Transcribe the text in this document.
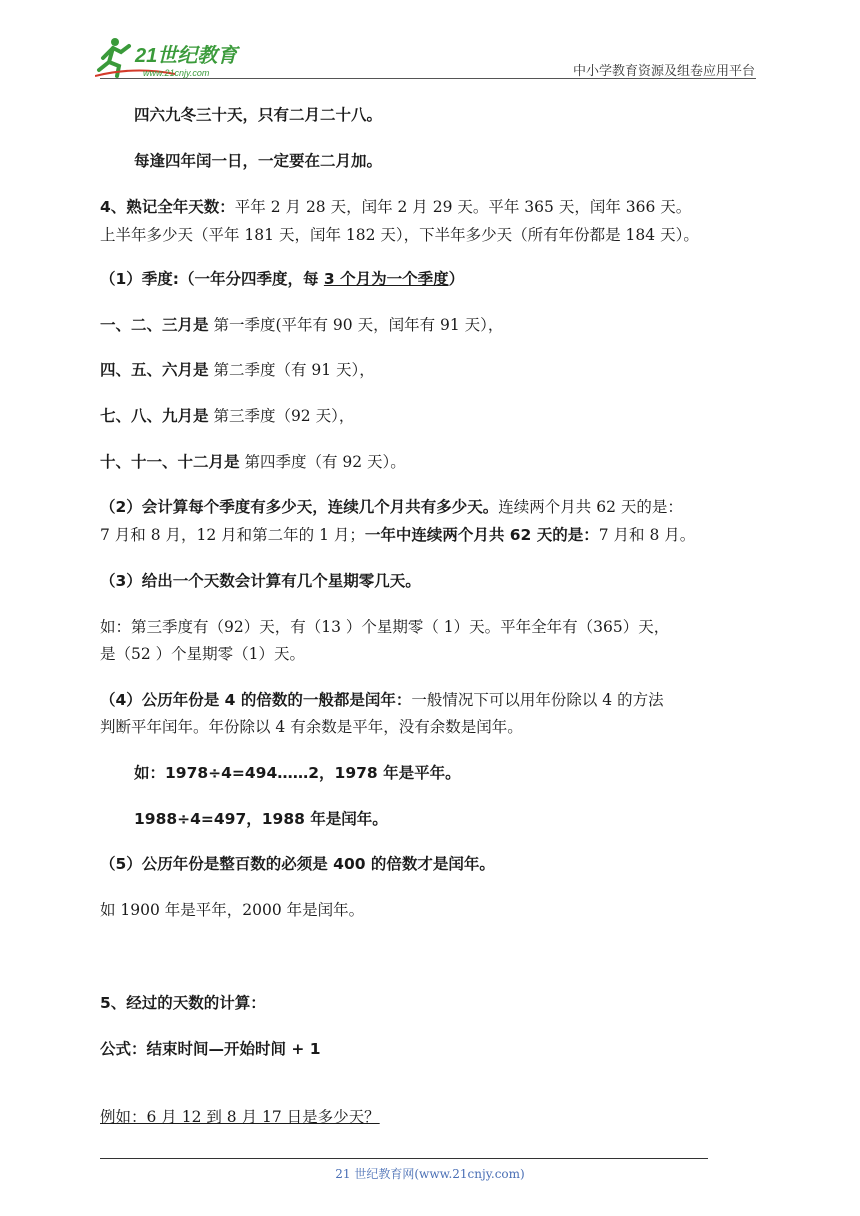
21世纪教育
www.21cnjy.com	中小学教育资源及组卷应用平台

四六九冬三十天，只有二月二十八。

每逢四年闰一日，一定要在二月加。

4、熟记全年天数：平年 2 月 28 天，闰年 2 月 29 天。平年 365 天，闰年 366 天。

上半年多少天（平年 181 天，闰年 182 天），下半年多少天（所有年份都是 184 天）。

（1）季度:（一年分四季度，每 3 个月为一个季度）

一、二、三月是 第一季度(平年有 90 天，闰年有 91 天），

四、五、六月是 第二季度（有 91 天），

七、八、九月是 第三季度（92 天），

十、十一、十二月是 第四季度（有 92 天）。

（2）会计算每个季度有多少天，连续几个月共有多少天。连续两个月共 62 天的是：

7 月和 8 月，12 月和第二年的 1 月；一年中连续两个月共 62 天的是：7 月和 8 月。

（3）给出一个天数会计算有几个星期零几天。

如：第三季度有（92）天，有（13 ）个星期零（ 1）天。平年全年有（365）天，

是（52 ）个星期零（1）天。

（4）公历年份是 4 的倍数的一般都是闰年：一般情况下可以用年份除以 4 的方法

判断平年闰年。年份除以 4 有余数是平年，没有余数是闰年。

如：1978÷4=494……2，1978 年是平年。

1988÷4=497，1988 年是闰年。

（5）公历年份是整百数的必须是 400 的倍数才是闰年。

如 1900 年是平年，2000 年是闰年。

5、经过的天数的计算：

公式：结束时间—开始时间 + 1

例如：6 月 12 到 8 月 17 日是多少天？

21 世纪教育网(www.21cnjy.com)
